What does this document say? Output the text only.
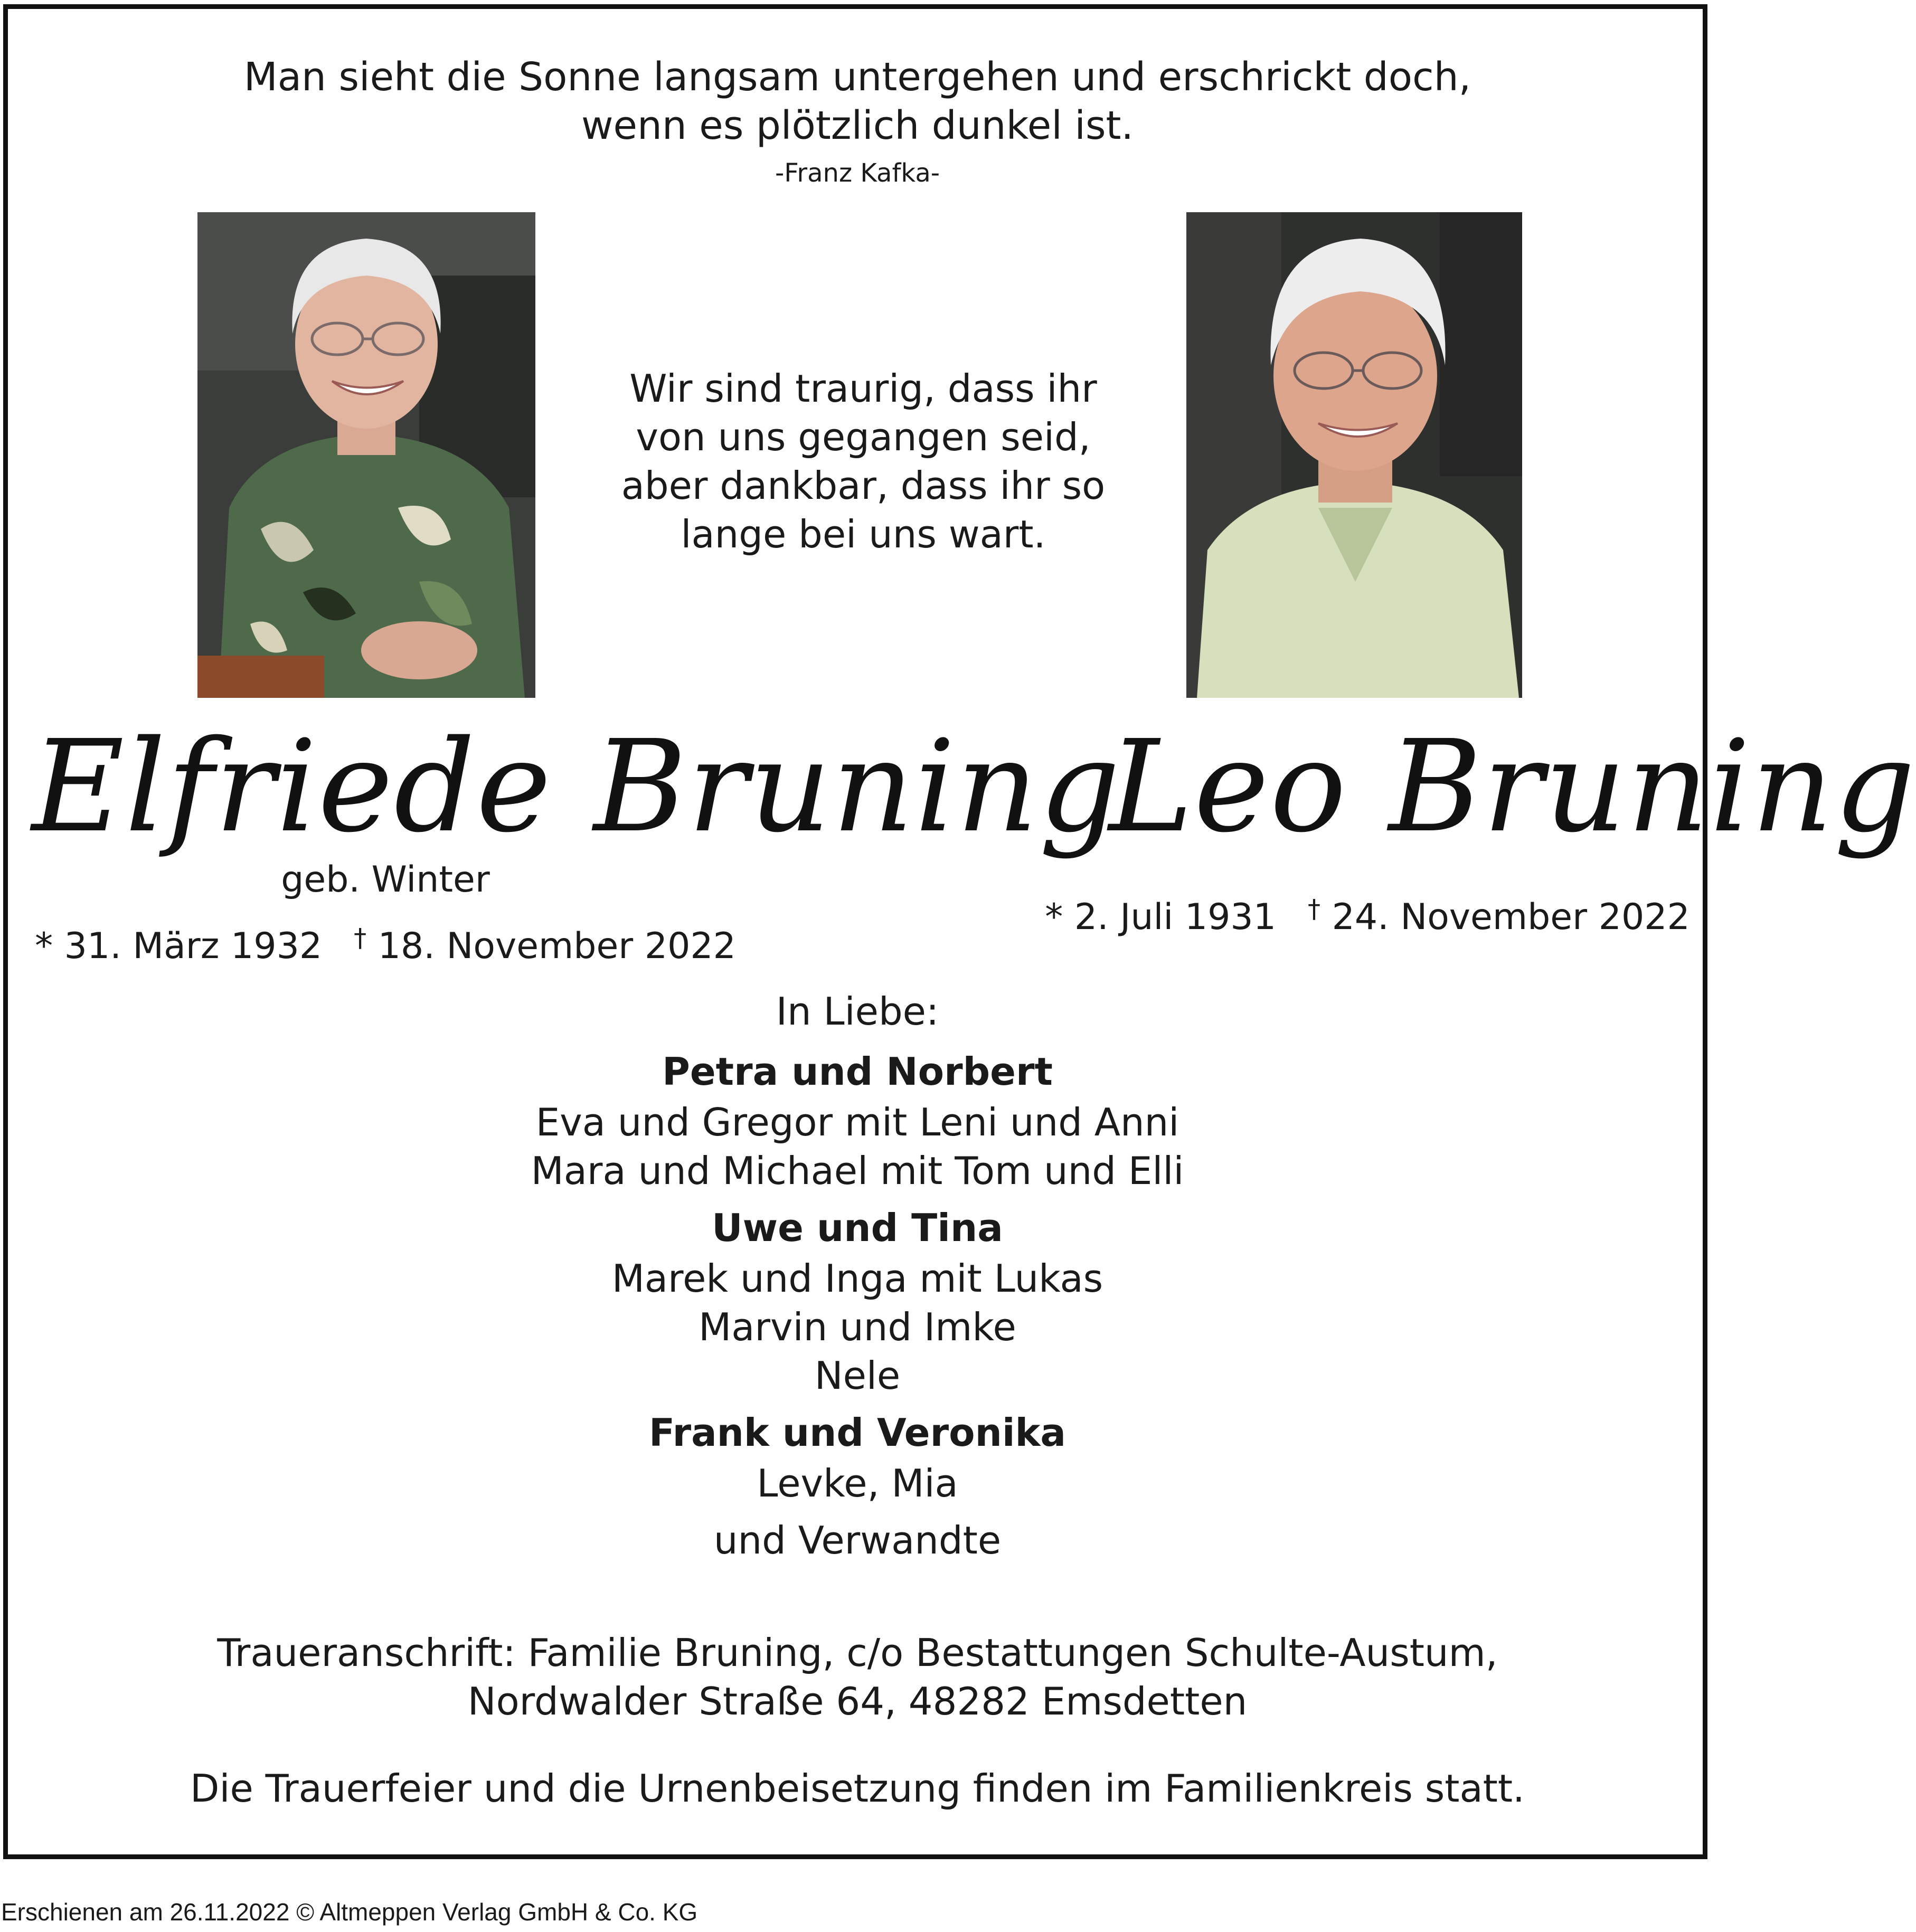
Man sieht die Sonne langsam untergehen und erschrickt doch,
wenn es plötzlich dunkel ist.
-Franz Kafka-
Wir sind traurig, dass ihr
von uns gegangen seid,
aber dankbar, dass ihr so
lange bei uns wart.
Elfriede Bruning
Leo Bruning
geb. Winter
* 31. März 1932 † 18. November 2022
* 2. Juli 1931 † 24. November 2022
In Liebe:
Petra und Norbert
Eva und Gregor mit Leni und Anni
Mara und Michael mit Tom und Elli
Uwe und Tina
Marek und Inga mit Lukas
Marvin und Imke
Nele
Frank und Veronika
Levke, Mia
und Verwandte
Traueranschrift: Familie Bruning, c/o Bestattungen Schulte-Austum,
Nordwalder Straße 64, 48282 Emsdetten
Die Trauerfeier und die Urnenbeisetzung finden im Familienkreis statt.
Erschienen am 26.11.2022 © Altmeppen Verlag GmbH & Co. KG
